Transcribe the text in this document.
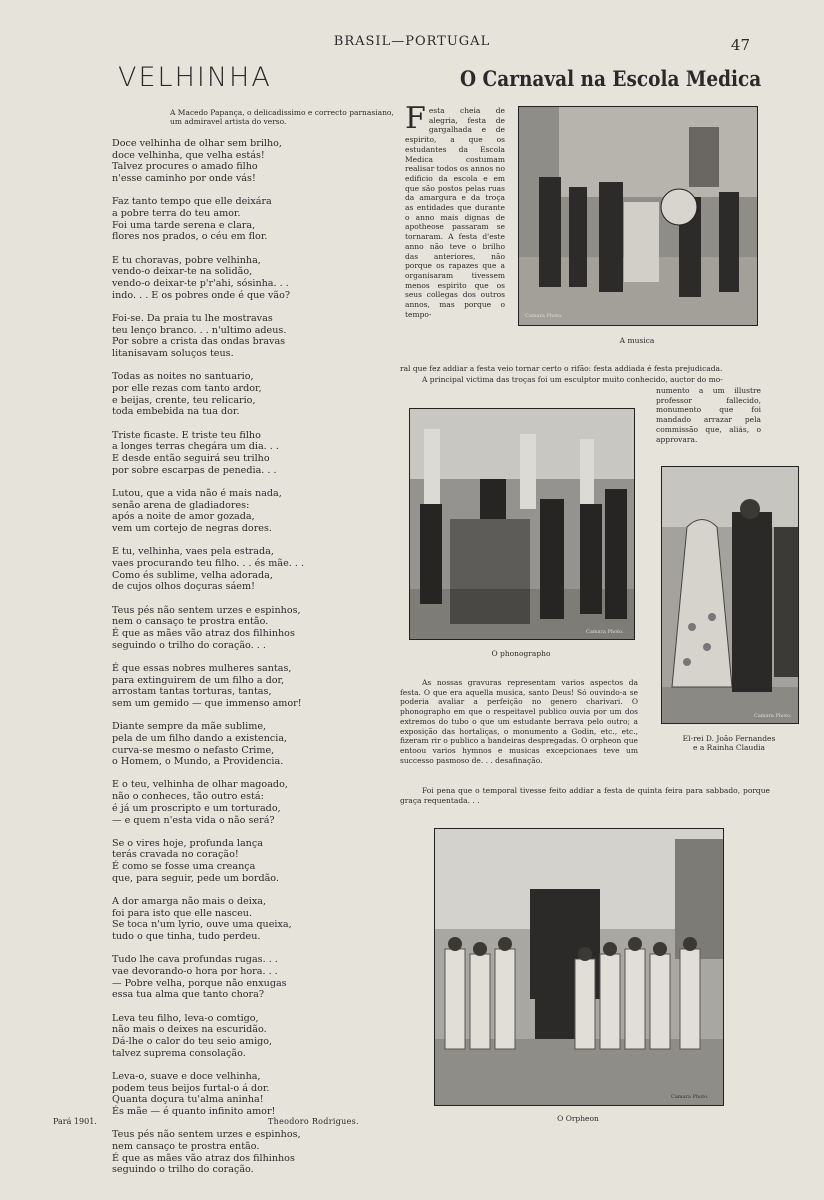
BRASIL—PORTUGAL	47
VELHINHA
A Macedo Papança, o delicadissimo e correcto parnasiano, um admiravel artista do verso.
Doce velhinha de olhar sem brilho,
doce velhinha, que velha estás!
Talvez procures o amado filho
n'esse caminho por onde vás!
Faz tanto tempo que elle deixára
a pobre terra do teu amor.
Foi uma tarde serena e clara,
flores nos prados, o céu em flor.
E tu choravas, pobre velhinha,
vendo-o deixar-te na solidão,
vendo-o deixar-te p'r'ahi, sósinha. . .
indo. . . E os pobres onde é que vão?
Foi-se. Da praia tu lhe mostravas
teu lenço branco. . . n'ultimo adeus.
Por sobre a crista das ondas bravas
litanisavam soluços teus.
Todas as noites no santuario,
por elle rezas com tanto ardor,
e beijas, crente, teu relicario,
toda embebida na tua dor.
Triste ficaste. E triste teu filho
a longes terras chegára um dia. . .
E desde então seguirá seu trilho
por sobre escarpas de penedia. . .
Lutou, que a vida não é mais nada,
senão arena de gladiadores:
após a noite de amor gozada,
vem um cortejo de negras dores.
E tu, velhinha, vaes pela estrada,
vaes procurando teu filho. . . és mãe. . .
Como és sublime, velha adorada,
de cujos olhos doçuras sáem!
Teus pés não sentem urzes e espinhos,
nem o cansaço te prostra então.
É que as mães vão atraz dos filhinhos
seguindo o trilho do coração. . .
É que essas nobres mulheres santas,
para extinguirem de um filho a dor,
arrostam tantas torturas, tantas,
sem um gemido — que immenso amor!
Diante sempre da mãe sublime,
pela de um filho dando a existencia,
curva-se mesmo o nefasto Crime,
o Homem, o Mundo, a Providencia.
E o teu, velhinha de olhar magoado,
não o conheces, tão outro está:
é já um proscripto e um torturado,
— e quem n'esta vida o não será?
Se o vires hoje, profunda lança
terás cravada no coração!
É como se fosse uma creança
que, para seguir, pede um bordão.
A dor amarga não mais o deixa,
foi para isto que elle nasceu.
Se toca n'um lyrio, ouve uma queixa,
tudo o que tinha, tudo perdeu.
Tudo lhe cava profundas rugas. . .
vae devorando-o hora por hora. . .
— Pobre velha, porque não enxugas
essa tua alma que tanto chora?
Leva teu filho, leva-o comtigo,
não mais o deixes na escuridão.
Dá-lhe o calor do teu seio amigo,
talvez suprema consolação.
Leva-o, suave e doce velhinha,
podem teus beijos furtal-o á dor.
Quanta doçura tu'alma aninha!
És mãe — é quanto infinito amor!
Teus pés não sentem urzes e espinhos,
nem cansaço te prostra então.
É que as mães vão atraz dos filhinhos
seguindo o trilho do coração.
Pará 1901.	Theodoro Rodrigues.
O Carnaval na Escola Medica
Festa cheia de alegria, festa de gargalhada e de espirito, a que os estudantes da Escola Medica costumam realisar todos os annos no edificio da escola e em que são postos pelas ruas da amargura e da troça as entidades que durante o anno mais dignas de apotheose passaram se tornaram. A festa d'este anno não teve o brilho das anteriores, não porque os rapazes que a organisaram tivessem menos espirito que os seus collegas dos outros annos, mas porque o tempo-
ral que fez addiar a festa veio tornar certo o rifão: festa addiada é festa prejudicada.
A principal victima das troças foi um esculptor muito conhecido, auctor do mo-
numento a um illustre professor fallecido, monumento que foi mandado arrazar pela commissão que, aliás, o approvara.
As nossas gravuras representam varios aspectos da festa. O que era aquella musica, santo Deus! Só ouvindo-a se poderia avaliar a perfeição no genero charivari. O phonographo em que o respeitavel publico ouvia por um dos extremos do tubo o que um estudante berrava pelo outro; a exposição das hortaliças, o monumento a Godin, etc., etc., fizeram rir o publico a bandeiras despregadas. O orpheon que entoou varios hymnos e musicas excepcionaes teve um successo pasmoso de. . . desafinação.
Foi pena que o temporal tivesse feito addiar a festa de quinta feira para sabbado, porque graça requentada. . .
Camara Photo.
A musica
Camara Photo.
O phonographo
Camara Photo.
El-rei D. João Fernandes
e a Rainha Claudia
Camara Photo.
O Orpheon
